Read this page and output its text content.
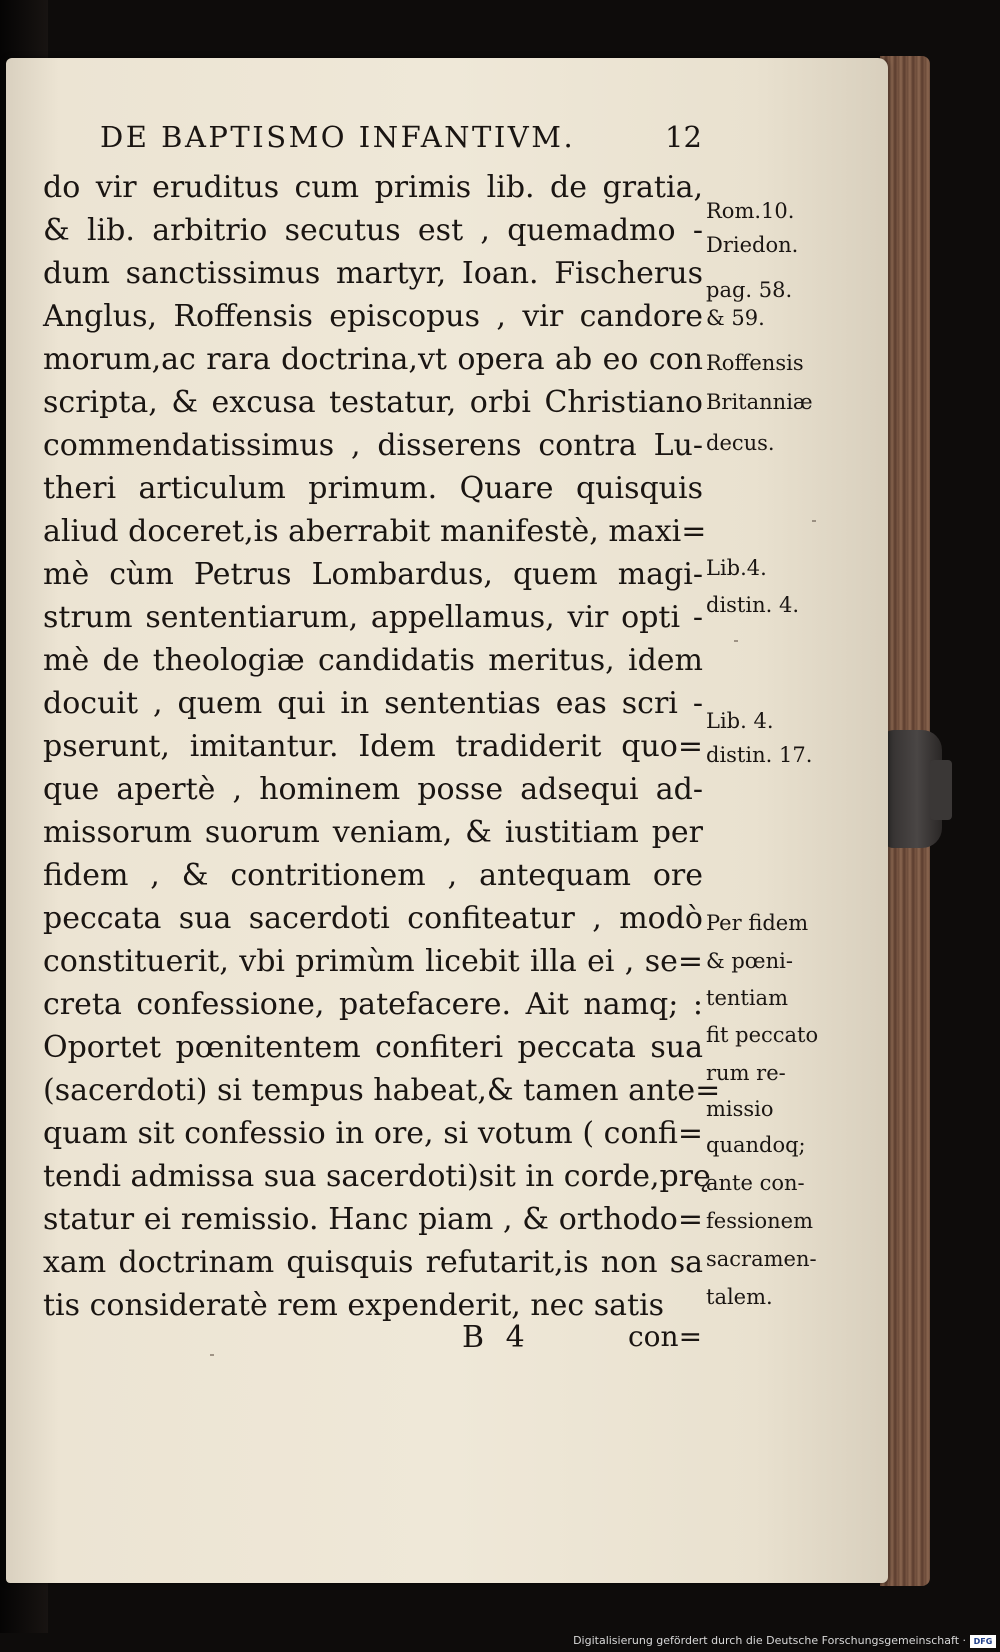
DE BAPTISMO INFANTIVM.	12
do vir eruditus cum primis lib. de gratia,
& lib. arbitrio secutus est , quemadmo -
dum sanctissimus martyr, Ioan. Fischerus
Anglus, Roffensis episcopus , vir candore
morum,ac rara doctrina,vt opera ab eo con
scripta, & excusa testatur, orbi Christiano
commendatissimus , disserens contra Lu-
theri articulum primum. Quare quisquis
aliud doceret,is aberrabit manifestè, maxi=
mè cùm Petrus Lombardus, quem magi-
strum sententiarum, appellamus, vir opti -
mè de theologiæ candidatis meritus, idem
docuit , quem qui in sententias eas scri -
pserunt, imitantur. Idem tradiderit quo=
que apertè , hominem posse adsequi ad-
missorum suorum veniam, & iustitiam per
fidem , & contritionem , antequam ore
peccata sua sacerdoti confiteatur , modò
constituerit, vbi primùm licebit illa ei , se=
creta confessione, patefacere. Ait namq; :
Oportet pœnitentem confiteri peccata sua
(sacerdoti) si tempus habeat,& tamen ante=
quam sit confessio in ore, si votum ( confi=
tendi admissa sua sacerdoti)sit in corde,prę
statur ei remissio. Hanc piam , & orthodo=
xam doctrinam quisquis refutarit,is non sa
tis consideratè rem expenderit, nec satis
Rom.10.
Driedon.
pag. 58.
& 59.
Roffensis
Britanniæ
decus.
Lib.4.
distin. 4.
Lib. 4.
distin. 17.
Per fidem
& pœni-
tentiam
fit peccato
rum re-
missio
quandoq;
ante con-
fessionem
sacramen-
talem.
B 4	con=
Digitalisierung gefördert durch die Deutsche Forschungsgemeinschaft · DFG
